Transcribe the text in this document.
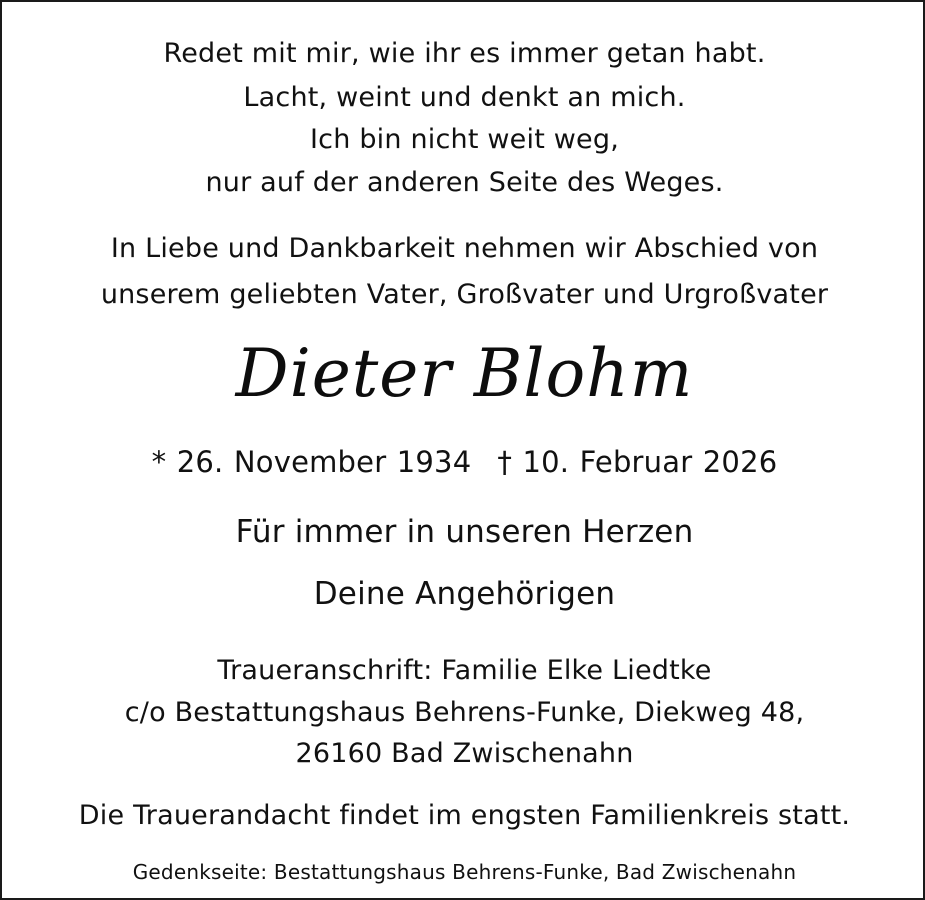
Redet mit mir, wie ihr es immer getan habt.

Lacht, weint und denkt an mich.

Ich bin nicht weit weg,

nur auf der anderen Seite des Weges.

In Liebe und Dankbarkeit nehmen wir Abschied von

unserem geliebten Vater, Großvater und Urgroßvater

Dieter Blohm

* 26. November 1934 † 10. Februar 2026

Für immer in unseren Herzen

Deine Angehörigen

Traueranschrift: Familie Elke Liedtke

c/o Bestattungshaus Behrens-Funke, Diekweg 48,

26160 Bad Zwischenahn

Die Trauerandacht findet im engsten Familienkreis statt.

Gedenkseite: Bestattungshaus Behrens-Funke, Bad Zwischenahn
